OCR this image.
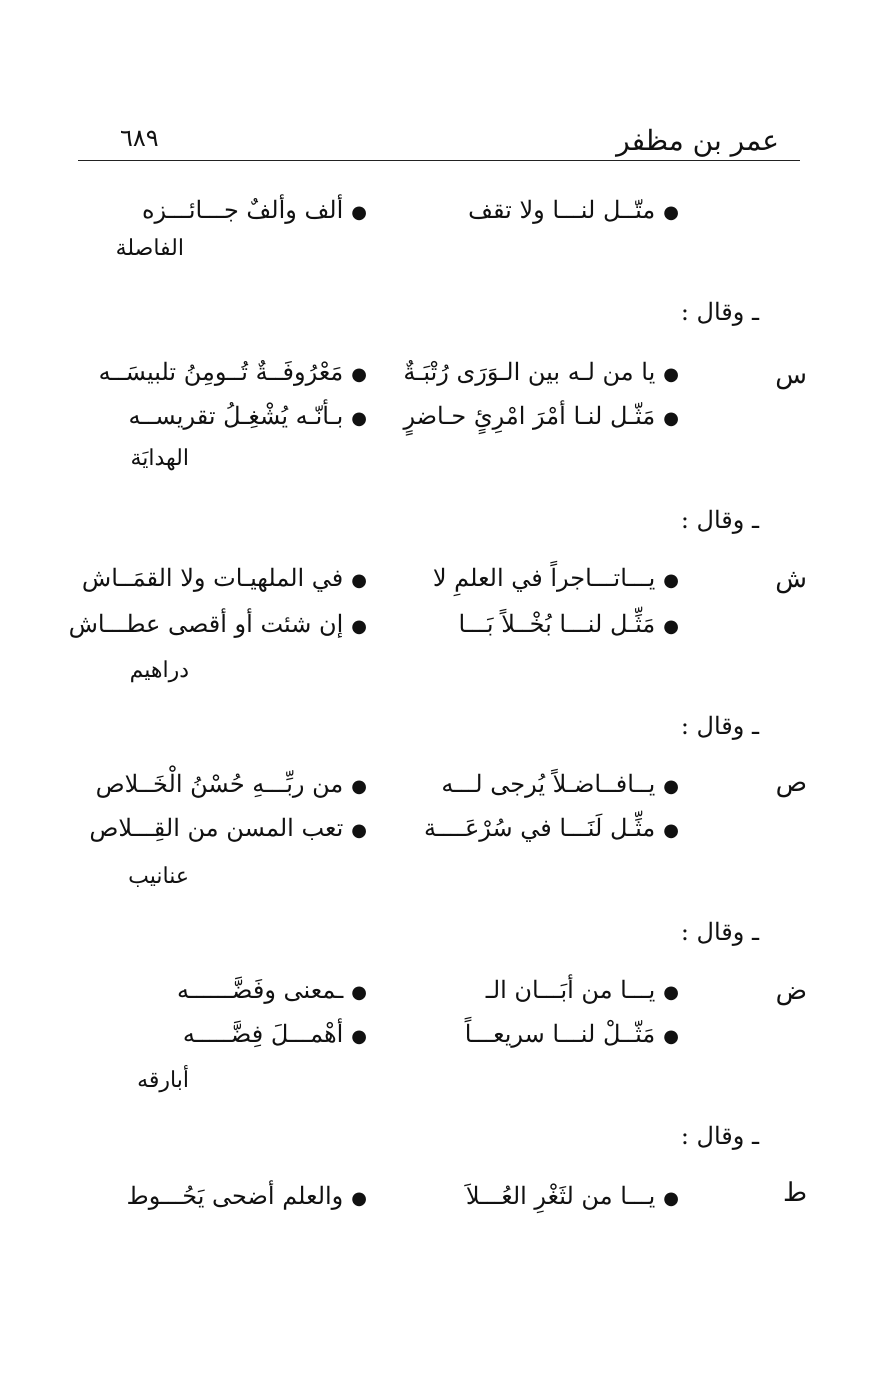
عمر بن مظفر
٦٨٩
●متّــل لنـــا ولا تقف
●ألف وألفٌ جـــائـــزه
الفاصلة
ـ وقال :
س
●يا من لـه بين الـوَرَى رُتْبَـةٌ
●مَعْرُوفَــةٌ تُــومِنُ تلبيسَــه
●مَثّـل لنـا أمْرَ امْرِئٍ حـاضرٍ
●بـأنّـه يُشْغِـلُ تقريســه
الهدايَة
ـ وقال :
ش
●يـــاتـــاجراً في العلمِ لا
●في الملهيـات ولا القمَــاش
●مَثِّـل لنـــا بُخْــلاً بَـــا
●إن شئت أو أقصى عطـــاش
دراهيم
ـ وقال :
ص
●يــافــاضـلاً يُرجى لـــه
●من ربِّـــهِ حُسْنُ الْخَــلاص
●مثِّـل لَنَـــا في سُرْعَــــة
●تعب المسن من القِـــلاص
عنانيب
ـ وقال :
ض
●يـــا من أبَـــان الـ
●ـمعنى وفَضَّــــــه
●مَثّــلْ لنـــا سريعـــاً
●أهْمـــلَ فِضَّـــــه
أبارقه
ـ وقال :
ط
●يـــا من لثَغْرِ العُـــلاَ
●والعلم أضحى يَحُـــوط
